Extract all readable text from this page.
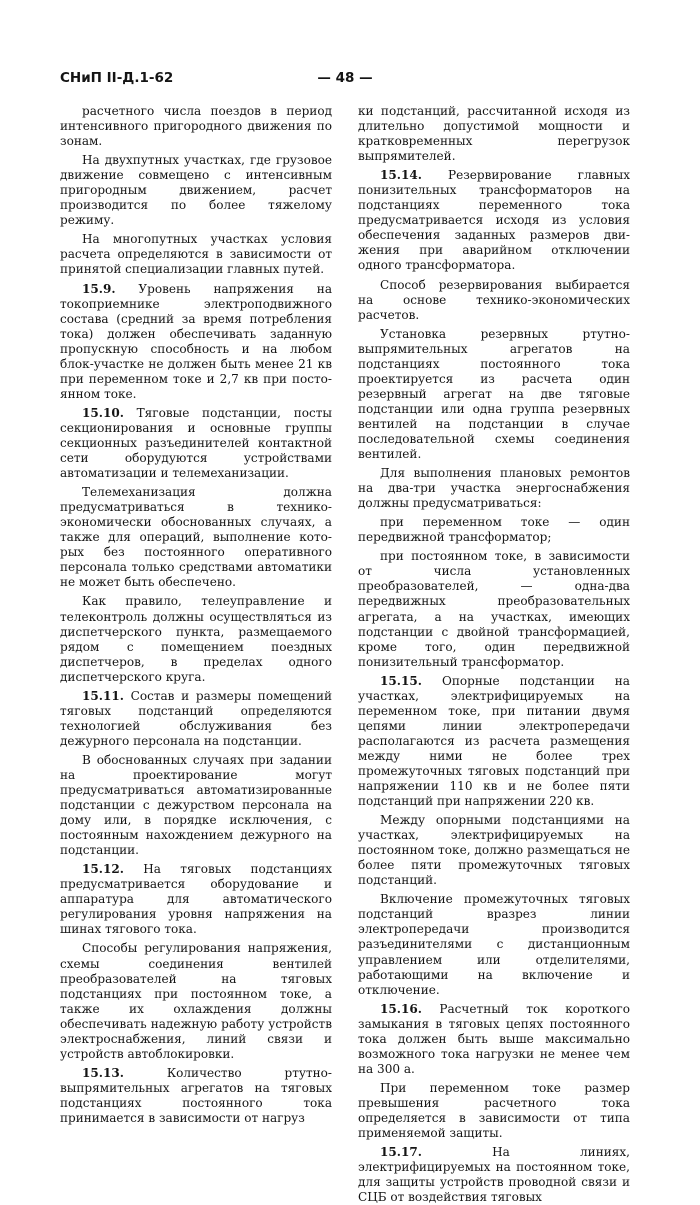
СНиП II-Д.1-62	— 48 —

расчетного числа поездов в период интенсивного пригородного движения по зонам.

На двухпутных участках, где грузовое движение совмещено с интенсивным пригородным движением, расчет производится по более тяжелому режиму.

На многопутных участках условия расчета определяются в зависимости от принятой специализации главных путей.

15.9. Уровень напряжения на токоприемнике электроподвижного состава (средний за время потребления тока) должен обеспечивать заданную пропускную способность и на любом блок-участке не должен быть менее 21 кв при переменном токе и 2,7 кв при постоянном токе.

15.10. Тяговые подстанции, посты секционирования и основные группы секционных разъединителей контактной сети оборудуются устройствами автоматизации и телемеханизации.

Телемеханизация должна предусматриваться в технико-экономически обоснованных случаях, а также для операций, выполнение которых без постоянного оперативного персонала только средствами автоматики не может быть обеспечено.

Как правило, телеуправление и телеконтроль должны осуществляться из диспетчерского пункта, размещаемого рядом с помещением поездных диспетчеров, в пределах одного диспетчерского круга.

15.11. Состав и размеры помещений тяговых подстанций определяются технологией обслуживания без дежурного персонала на подстанции.

В обоснованных случаях при задании на проектирование могут предусматриваться автоматизированные подстанции с дежурством персонала на дому или, в порядке исключения, с постоянным нахождением дежурного на подстанции.

15.12. На тяговых подстанциях предусматривается оборудование и аппаратура для автоматического регулирования уровня напряжения на шинах тягового тока.

Способы регулирования напряжения, схемы соединения вентилей преобразователей на тяговых подстанциях при постоянном токе, а также их охлаждения должны обеспечивать надежную работу устройств электроснабжения, линий связи и устройств автоблокировки.

15.13. Количество ртутно-выпрямительных агрегатов на тяговых подстанциях постоянного тока принимается в зависимости от нагруз

ки подстанций, рассчитанной исходя из длительно допустимой мощности и кратковременных перегрузок выпрямителей.

15.14. Резервирование главных понизительных трансформаторов на подстанциях переменного тока предусматривается исходя из условия обеспечения заданных размеров движения при аварийном отключении одного трансформатора.

Способ резервирования выбирается на основе технико-экономических расчетов.

Установка резервных ртутно-выпрямительных агрегатов на подстанциях постоянного тока проектируется из расчета один резервный агрегат на две тяговые подстанции или одна группа резервных вентилей на подстанции в случае последовательной схемы соединения вентилей.

Для выполнения плановых ремонтов на два-три участка энергоснабжения должны предусматриваться:

при переменном токе — один передвижной трансформатор;

при постоянном токе, в зависимости от числа установленных преобразователей, — одна-два передвижных преобразовательных агрегата, а на участках, имеющих подстанции с двойной трансформацией, кроме того, один передвижной понизительный трансформатор.

15.15. Опорные подстанции на участках, электрифицируемых на переменном токе, при питании двумя цепями линии электропередачи располагаются из расчета размещения между ними не более трех промежуточных тяговых подстанций при напряжении 110 кв и не более пяти подстанций при напряжении 220 кв.

Между опорными подстанциями на участках, электрифицируемых на постоянном токе, должно размещаться не более пяти промежуточных тяговых подстанций.

Включение промежуточных тяговых подстанций вразрез линии электропередачи производится разъединителями с дистанционным управлением или отделителями, работающими на включение и отключение.

15.16. Расчетный ток короткого замыкания в тяговых цепях постоянного тока должен быть выше максимально возможного тока нагрузки не менее чем на 300 а.

При переменном токе размер превышения расчетного тока определяется в зависимости от типа применяемой защиты.

15.17. На линиях, электрифицируемых на постоянном токе, для защиты устройств проводной связи и СЦБ от воздействия тяговых
